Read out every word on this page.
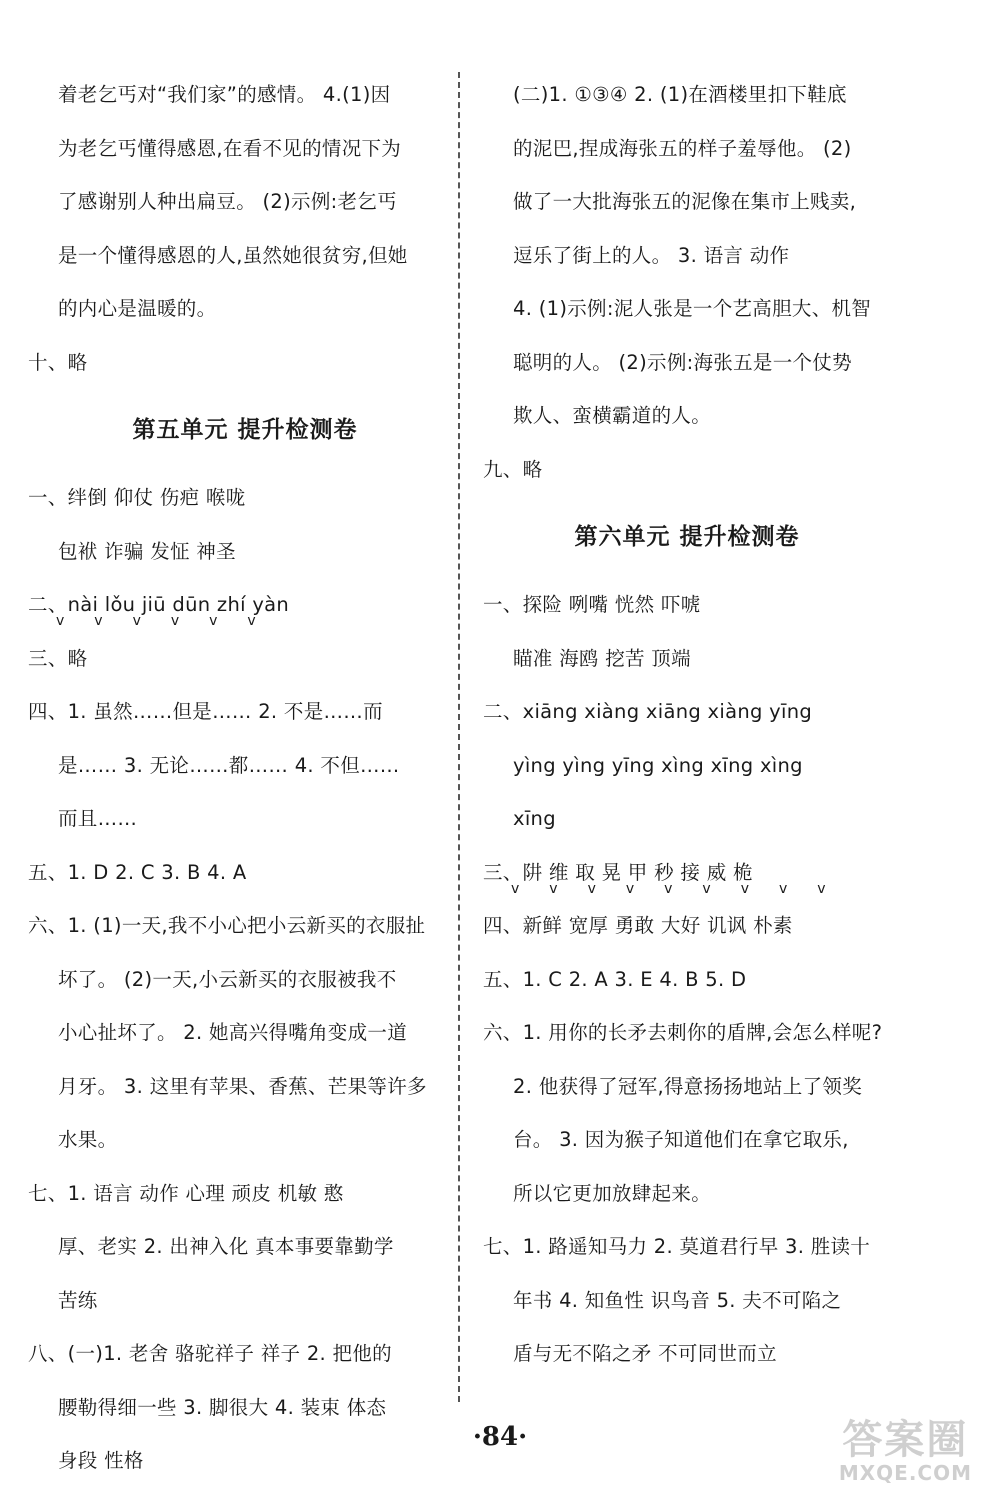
着老乞丐对“我们家”的感情。 4.(1)因
为老乞丐懂得感恩,在看不见的情况下为
了感谢别人种出扁豆。 (2)示例:老乞丐
是一个懂得感恩的人,虽然她很贫穷,但她
的内心是温暖的。
十、略
第五单元 提升检测卷
一、绊倒 仰仗 伤疤 喉咙
包袱 诈骗 发怔 神圣
二、nài lǒu jiū dūn zhí yàn
vvvvvv
三、略
四、1. 虽然……但是…… 2. 不是……而
是…… 3. 无论……都…… 4. 不但……
而且……
五、1. D 2. C 3. B 4. A
六、1. (1)一天,我不小心把小云新买的衣服扯
坏了。 (2)一天,小云新买的衣服被我不
小心扯坏了。 2. 她高兴得嘴角变成一道
月牙。 3. 这里有苹果、香蕉、芒果等许多
水果。
七、1. 语言 动作 心理 顽皮 机敏 憨
厚、老实 2. 出神入化 真本事要靠勤学
苦练
八、(一)1. 老舍 骆驼祥子 祥子 2. 把他的
腰勒得细一些 3. 脚很大 4. 装束 体态
身段 性格
(二)1. ①③④ 2. (1)在酒楼里扣下鞋底
的泥巴,捏成海张五的样子羞辱他。 (2)
做了一大批海张五的泥像在集市上贱卖,
逗乐了街上的人。 3. 语言 动作
4. (1)示例:泥人张是一个艺高胆大、机智
聪明的人。 (2)示例:海张五是一个仗势
欺人、蛮横霸道的人。
九、略
第六单元 提升检测卷
一、探险 咧嘴 恍然 吓唬
瞄准 海鸥 挖苦 顶端
二、xiāng xiàng xiāng xiàng yīng
yìng yìng yīng xìng xīng xìng
xīng
三、阱 维 取 晃 甲 秒 接 威 桅
vvvvvvvvv
四、新鲜 宽厚 勇敢 大好 讥讽 朴素
五、1. C 2. A 3. E 4. B 5. D
六、1. 用你的长矛去刺你的盾牌,会怎么样呢?
2. 他获得了冠军,得意扬扬地站上了领奖
台。 3. 因为猴子知道他们在拿它取乐,
所以它更加放肆起来。
七、1. 路遥知马力 2. 莫道君行早 3. 胜读十
年书 4. 知鱼性 识鸟音 5. 夫不可陷之
盾与无不陷之矛 不可同世而立
·84·	答案圈
MXQE.COM
